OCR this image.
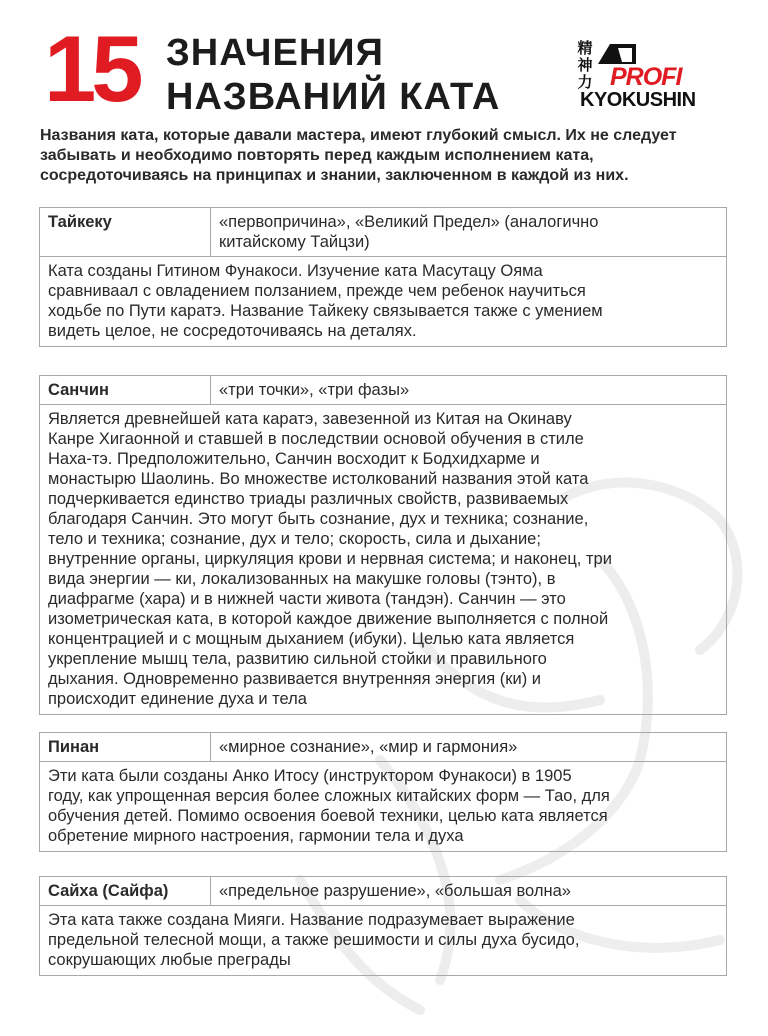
15 ЗНАЧЕНИЯ
НАЗВАНИЙ КАТА
精
神
力 PROFI
KYOKUSHIN
Названия ката, которые давали мастера, имеют глубокий смысл. Их не следует
забывать и необходимо повторять перед каждым исполнением ката,
сосредоточиваясь на принципах и знании, заключенном в каждой из них.
Тайкеку	«первопричина», «Великий Предел» (аналогично
китайскому Тайцзи)
Ката созданы Гитином Фунакоси. Изучение ката Масутацу Ояма
сравниваал с овладением ползанием, прежде чем ребенок научиться
ходьбе по Пути каратэ. Название Тайкеку связывается также с умением
видеть целое, не сосредоточиваясь на деталях.
Санчин	«три точки», «три фазы»
Является древнейшей ката каратэ, завезенной из Китая на Окинаву
Канре Хигаонной и ставшей в последствии основой обучения в стиле
Наха-тэ. Предположительно, Санчин восходит к Бодхидхарме и
монастырю Шаолинь. Во множестве истолкований названия этой ката
подчеркивается единство триады различных свойств, развиваемых
благодаря Санчин. Это могут быть сознание, дух и техника; сознание,
тело и техника; сознание, дух и тело; скорость, сила и дыхание;
внутренние органы, циркуляция крови и нервная система; и наконец, три
вида энергии — ки, локализованных на макушке головы (тэнто), в
диафрагме (хара) и в нижней части живота (тандэн). Санчин — это
изометрическая ката, в которой каждое движение выполняется с полной
концентрацией и с мощным дыханием (ибуки). Целью ката является
укрепление мышц тела, развитию сильной стойки и правильного
дыхания. Одновременно развивается внутренняя энергия (ки) и
происходит единение духа и тела
Пинан	«мирное сознание», «мир и гармония»
Эти ката были созданы Анко Итосу (инструктором Фунакоси) в 1905
году, как упрощенная версия более сложных китайских форм — Тао, для
обучения детей. Помимо освоения боевой техники, целью ката является
обретение мирного настроения, гармонии тела и духа
Сайха (Сайфа)	«предельное разрушение», «большая волна»
Эта ката также создана Мияги. Название подразумевает выражение
предельной телесной мощи, а также решимости и силы духа бусидо,
сокрушающих любые преграды
